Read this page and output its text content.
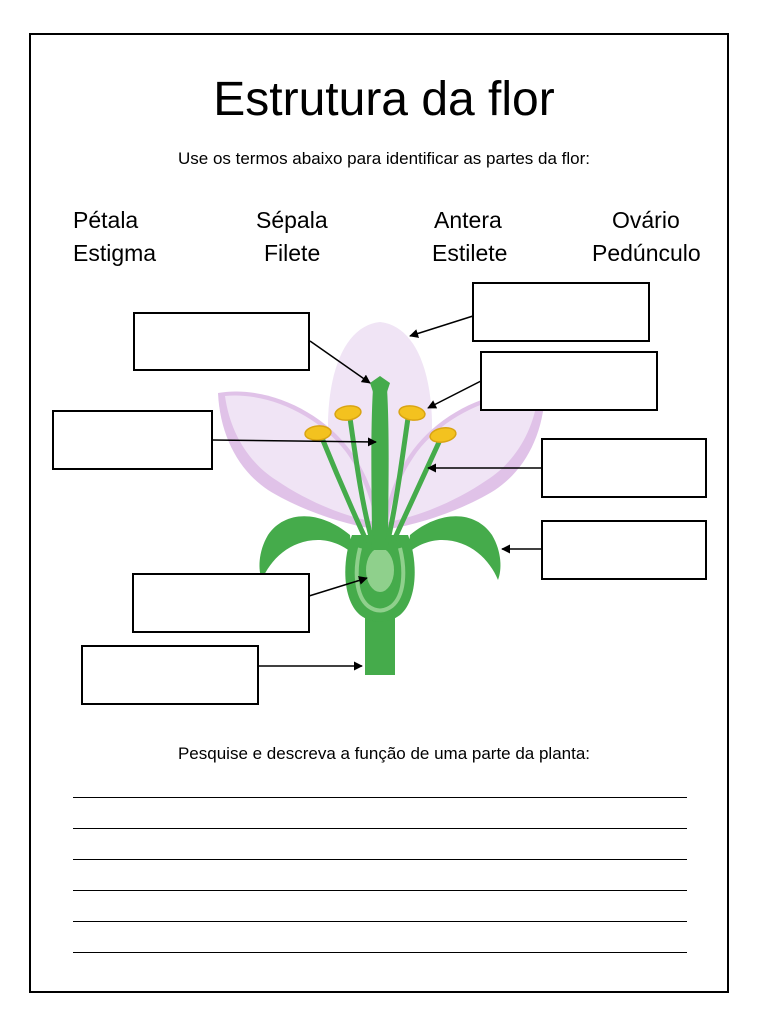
Estrutura da flor
Use os termos abaixo para identificar as partes da flor:
Pétala	Sépala	Antera	Ovário
Estigma	Filete	Estilete	Pedúnculo
Pesquise e descreva a função de uma parte da planta:
